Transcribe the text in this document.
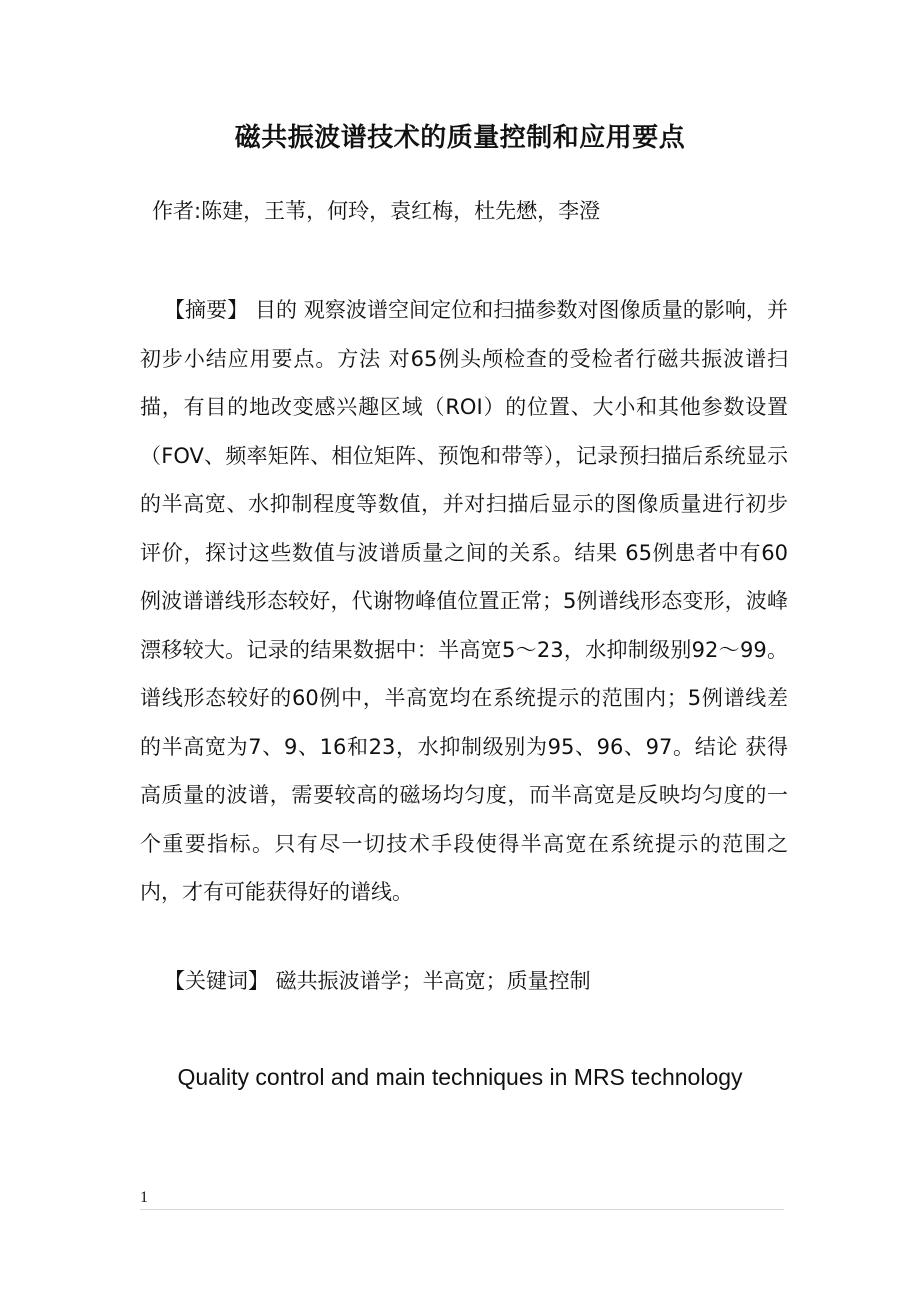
磁共振波谱技术的质量控制和应用要点
作者:陈建，王苇，何玲，袁红梅，杜先懋，李澄

【摘要】 目的 观察波谱空间定位和扫描参数对图像质量的影响，并初步小结应用要点。方法 对65例头颅检查的受检者行磁共振波谱扫描，有目的地改变感兴趣区域（ROI）的位置、大小和其他参数设置（FOV、频率矩阵、相位矩阵、预饱和带等），记录预扫描后系统显示的半高宽、水抑制程度等数值，并对扫描后显示的图像质量进行初步评价，探讨这些数值与波谱质量之间的关系。结果 65例患者中有60例波谱谱线形态较好，代谢物峰值位置正常；5例谱线形态变形，波峰漂移较大。记录的结果数据中：半高宽5～23，水抑制级别92～99。谱线形态较好的60例中，半高宽均在系统提示的范围内；5例谱线差的半高宽为7、9、16和23，水抑制级别为95、96、97。结论 获得高质量的波谱，需要较高的磁场均匀度，而半高宽是反映均匀度的一个重要指标。只有尽一切技术手段使得半高宽在系统提示的范围之内，才有可能获得好的谱线。

【关键词】 磁共振波谱学；半高宽；质量控制
Quality control and main techniques in MRS technology
1
